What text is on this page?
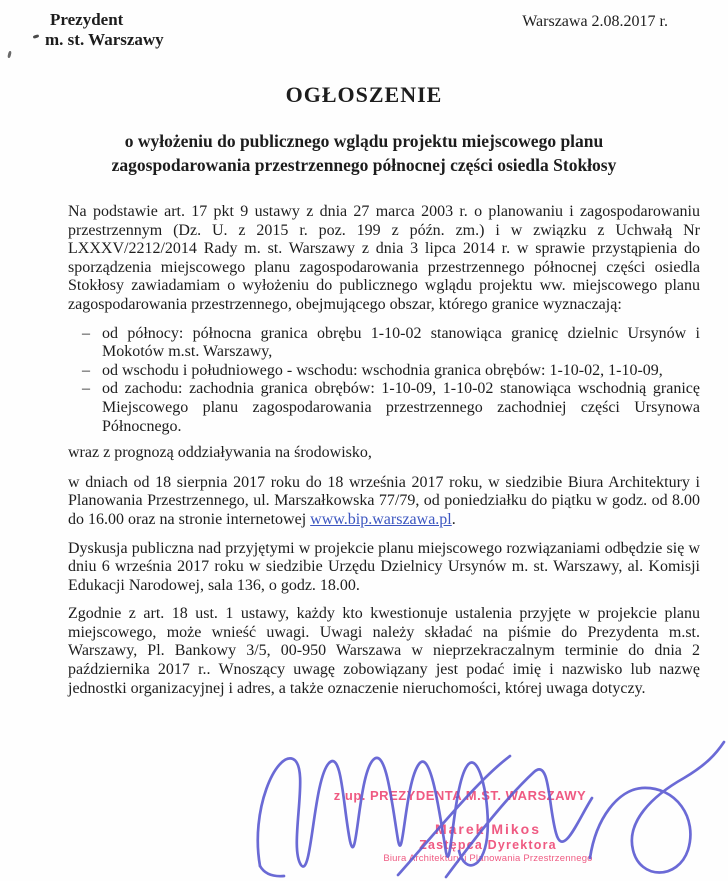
Prezydent
m. st. Warszawy
Warszawa 2.08.2017 r.
OGŁOSZENIE
o wyłożeniu do publicznego wglądu projektu miejscowego planu
zagospodarowania przestrzennego północnej części osiedla Stokłosy

Na podstawie art. 17 pkt 9 ustawy z dnia 27 marca 2003 r. o planowaniu i zagospodarowaniu przestrzennym (Dz. U. z 2015 r. poz. 199 z późn. zm.) i w związku z Uchwałą Nr LXXXV/2212/2014 Rady m. st. Warszawy z dnia 3 lipca 2014 r. w sprawie przystąpienia do sporządzenia miejscowego planu zagospodarowania przestrzennego północnej części osiedla Stokłosy zawiadamiam o wyłożeniu do publicznego wglądu projektu ww. miejscowego planu zagospodarowania przestrzennego, obejmującego obszar, którego granice wyznaczają:

– od północy: północna granica obrębu 1-10-02 stanowiąca granicę dzielnic Ursynów i Mokotów m.st. Warszawy,
– od wschodu i południowego - wschodu: wschodnia granica obrębów: 1-10-02, 1-10-09,
– od zachodu: zachodnia granica obrębów: 1-10-09, 1-10-02 stanowiąca wschodnią granicę Miejscowego planu zagospodarowania przestrzennego zachodniej części Ursynowa Północnego.

wraz z prognozą oddziaływania na środowisko,

w dniach od 18 sierpnia 2017 roku do 18 września 2017 roku, w siedzibie Biura Architektury i Planowania Przestrzennego, ul. Marszałkowska 77/79, od poniedziałku do piątku w godz. od 8.00 do 16.00 oraz na stronie internetowej www.bip.warszawa.pl.

Dyskusja publiczna nad przyjętymi w projekcie planu miejscowego rozwiązaniami odbędzie się w dniu 6 września 2017 roku w siedzibie Urzędu Dzielnicy Ursynów m. st. Warszawy, al. Komisji Edukacji Narodowej, sala 136, o godz. 18.00.

Zgodnie z art. 18 ust. 1 ustawy, każdy kto kwestionuje ustalenia przyjęte w projekcie planu miejscowego, może wnieść uwagi. Uwagi należy składać na piśmie do Prezydenta m.st. Warszawy, Pl. Bankowy 3/5, 00-950 Warszawa w nieprzekraczalnym terminie do dnia 2 października 2017 r.. Wnoszący uwagę zobowiązany jest podać imię i nazwisko lub nazwę jednostki organizacyjnej i adres, a także oznaczenie nieruchomości, której uwaga dotyczy.

z up. PREZYDENTA M.ST. WARSZAWY
Marek Mikos
Zastępca Dyrektora
Biura Architektury i Planowania Przestrzennego
